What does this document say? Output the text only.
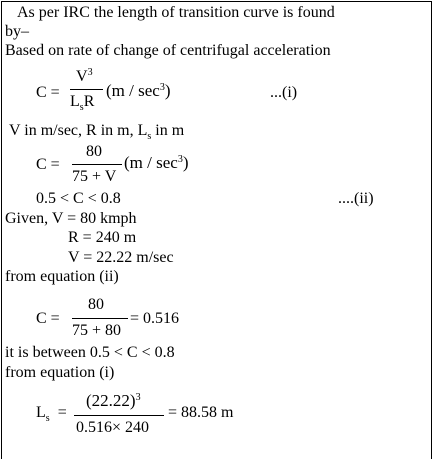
As per IRC the length of transition curve is found
by–
Based on rate of change of centrifugal acceleration
C =
$V^3$
$L_sR$
$(m / \sec^3)$	...(i)
V in m/sec, R in m, $L_s$ in m
C =
80
75 + V
$(m / \sec^3)$
0.5 < C < 0.8	....(ii)
Given, V = 80 kmph
R = 240 m
V = 22.22 m/sec
from equation (ii)
C =
80
75 + 80
= 0.516
it is between 0.5 < C < 0.8
from equation (i)
$L_s$ =
$(22.22)^3$
0.516× 240
= 88.58 m
